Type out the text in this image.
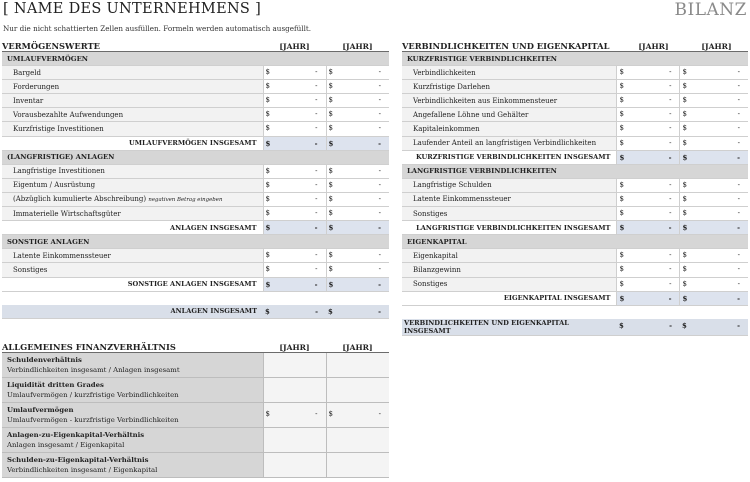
[ NAME DES UNTERNEHMENS ]	BILANZ
Nur die nicht schattierten Zellen ausfüllen. Formeln werden automatisch ausgefüllt.
VERMÖGENSWERTE	[JAHR]	[JAHR]
UMLAUFVERMÖGEN		
Bargeld	$ -	$ -

Forderungen	$ -	$ -

Inventar	$ -	$ -

Vorausbezahlte Aufwendungen	$ -	$ -

Kurzfristige Investitionen	$ -	$ -

UMLAUFVERMÖGEN INSGESAMT	$ -	$ -

(LANGFRISTIGE) ANLAGEN		
Langfristige Investitionen	$ -	$ -

Eigentum / Ausrüstung	$ -	$ -

(Abzüglich kumulierte Abschreibung) negativen Betrag eingeben	$ -	$ -

Immaterielle Wirtschaftsgüter	$ -	$ -

ANLAGEN INSGESAMT	$ -	$ -

SONSTIGE ANLAGEN		
Latente Einkommenssteuer	$ -	$ -

Sonstiges	$ -	$ -

SONSTIGE ANLAGEN INSGESAMT	$ -	$ -

ANLAGEN INSGESAMT	$ -	$ -
VERBINDLICHKEITEN UND EIGENKAPITAL	[JAHR]	[JAHR]
KURZFRISTIGE VERBINDLICHKEITEN		
Verbindlichkeiten	$ -	$ -

Kurzfristige Darlehen	$ -	$ -

Verbindlichkeiten aus Einkommensteuer	$ -	$ -

Angefallene Löhne und Gehälter	$ -	$ -

Kapitaleinkommen	$ -	$ -

Laufender Anteil an langfristigen Verbindlichkeiten	$ -	$ -

KURZFRISTIGE VERBINDLICHKEITEN INSGESAMT	$ -	$ -

LANGFRISTIGE VERBINDLICHKEITEN		
Langfristige Schulden	$ -	$ -

Latente Einkommenssteuer	$ -	$ -

Sonstiges	$ -	$ -

LANGFRISTIGE VERBINDLICHKEITEN INSGESAMT	$ -	$ -

EIGENKAPITAL		
Eigenkapital	$ -	$ -

Bilanzgewinn	$ -	$ -

Sonstiges	$ -	$ -

EIGENKAPITAL INSGESAMT	$ -	$ -

VERBINDLICHKEITEN UND EIGENKAPITAL INSGESAMT	$ -	$ -
ALLGEMEINES FINANZVERHÄLTNIS	[JAHR]	[JAHR]
Schuldenverhältnis
Verbindlichkeiten insgesamt / Anlagen insgesamt		

Liquidität dritten Grades
Umlaufvermögen / kurzfristige Verbindlichkeiten		

Umlaufvermögen
Umlaufvermögen - kurzfristige Verbindlichkeiten	$ -	$ -

Anlagen-zu-Eigenkapital-Verhältnis
Anlagen insgesamt / Eigenkapital		

Schulden-zu-Eigenkapital-Verhältnis
Verbindlichkeiten insgesamt / Eigenkapital		
